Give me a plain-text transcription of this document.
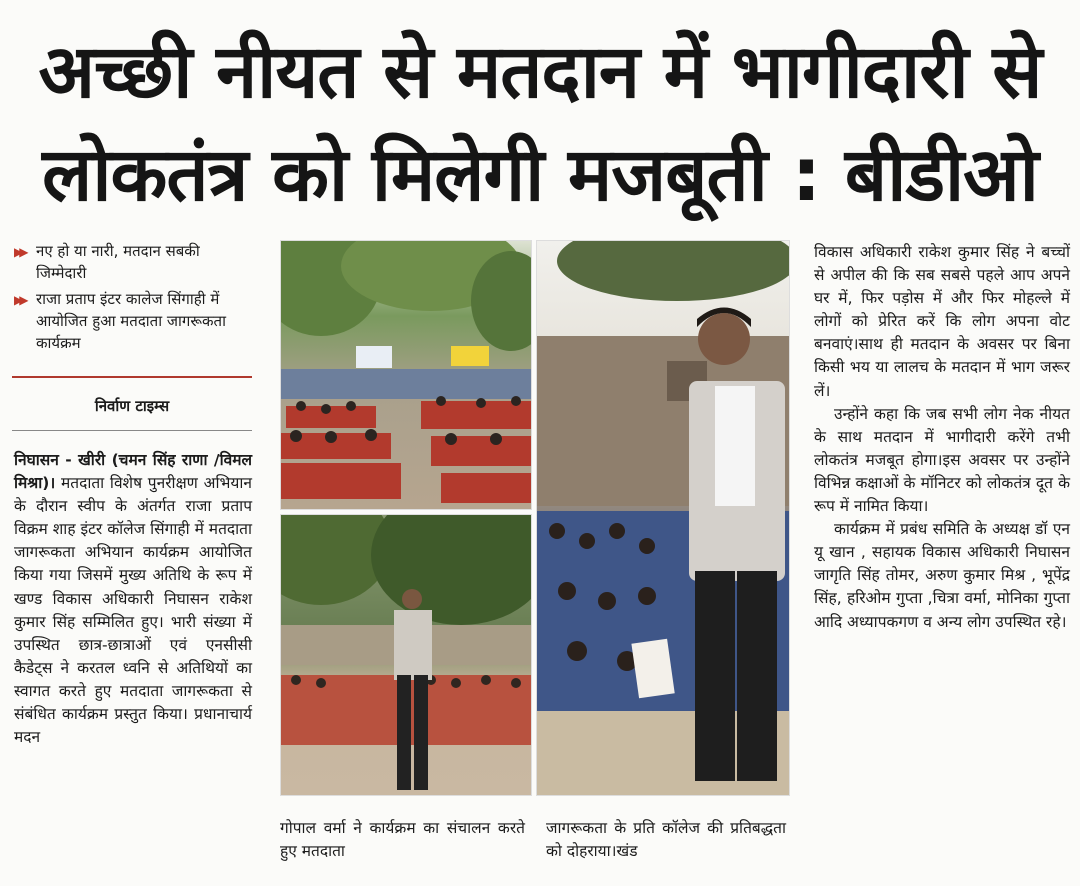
अच्छी नीयत से मतदान में भागीदारी से
लोकतंत्र को मिलेगी मजबूती : बीडीओ
▶▶ नए हो या नारी, मतदान सबकी जिम्मेदारी
▶▶ राजा प्रताप इंटर कालेज सिंगाही में आयोजित हुआ मतदाता जागरूकता कार्यक्रम
निर्वाण टाइम्स

निघासन - खीरी (चमन सिंह राणा /विमल मिश्रा)। मतदाता विशेष पुनरीक्षण अभियान के दौरान स्वीप के अंतर्गत राजा प्रताप विक्रम शाह इंटर कॉलेज सिंगाही में मतदाता जागरूकता अभियान कार्यक्रम आयोजित किया गया जिसमें मुख्य अतिथि के रूप में खण्ड विकास अधिकारी निघासन राकेश कुमार सिंह सम्मिलित हुए। भारी संख्या में उपस्थित छात्र-छात्राओं एवं एनसीसी कैडेट्स ने करतल ध्वनि से अतिथियों का स्वागत करते हुए मतदाता जागरूकता से संबंधित कार्यक्रम प्रस्तुत किया। प्रधानाचार्य मदन

गोपाल वर्मा ने कार्यक्रम का संचालन करते हुए मतदाता
जागरूकता के प्रति कॉलेज की प्रतिबद्धता को दोहराया।खंड

विकास अधिकारी राकेश कुमार सिंह ने बच्चों से अपील की कि सब सबसे पहले आप अपने घर में, फिर पड़ोस में और फिर मोहल्ले में लोगों को प्रेरित करें कि लोग अपना वोट बनवाएं।साथ ही मतदान के अवसर पर बिना किसी भय या लालच के मतदान में भाग जरूर लें।

उन्होंने कहा कि जब सभी लोग नेक नीयत के साथ मतदान में भागीदारी करेंगे तभी लोकतंत्र मजबूत होगा।इस अवसर पर उन्होंने विभिन्न कक्षाओं के मॉनिटर को लोकतंत्र दूत के रूप में नामित किया।

कार्यक्रम में प्रबंध समिति के अध्यक्ष डॉ एन यू खान , सहायक विकास अधिकारी निघासन जागृति सिंह तोमर, अरुण कुमार मिश्र , भूपेंद्र सिंह, हरिओम गुप्ता ,चित्रा वर्मा, मोनिका गुप्ता आदि अध्यापकगण व अन्य लोग उपस्थित रहे।
